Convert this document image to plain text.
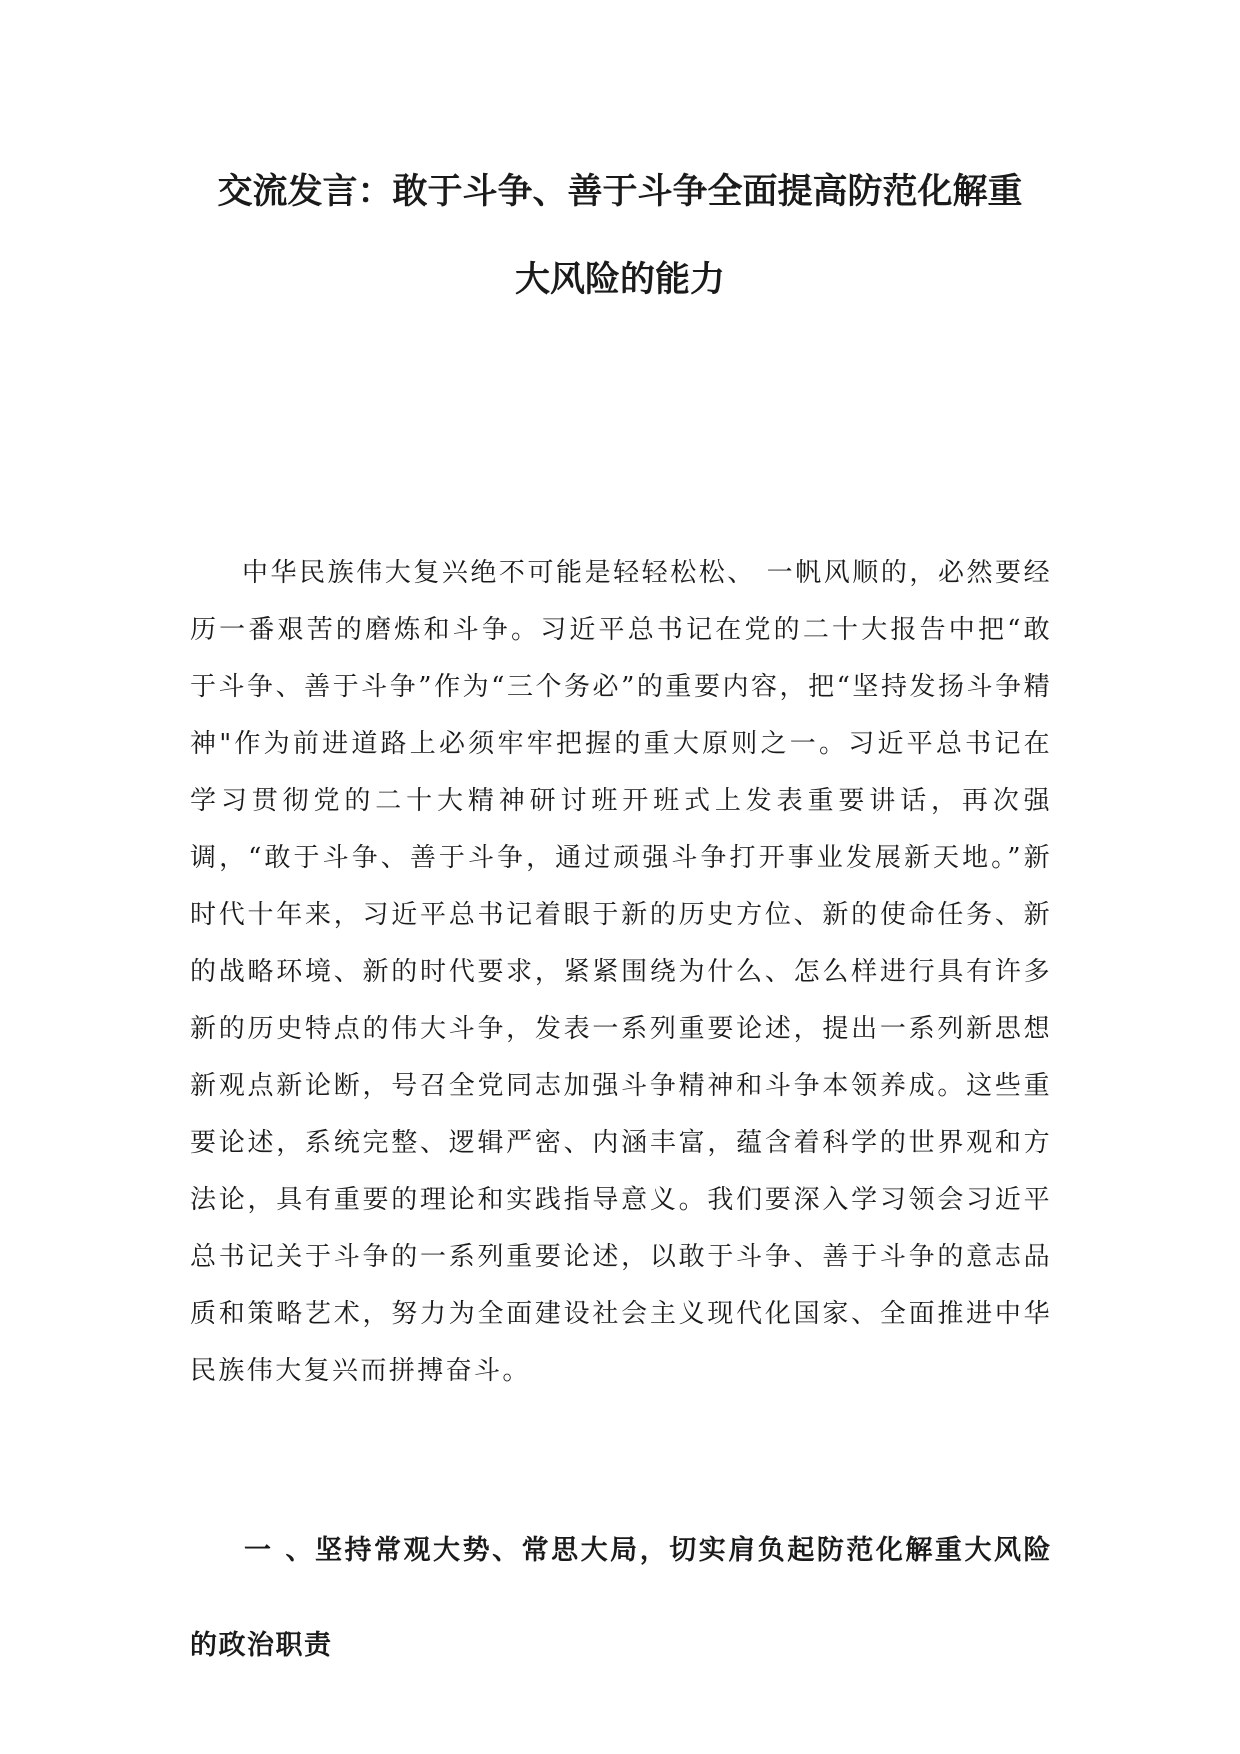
交流发言：敢于斗争、善于斗争全面提高防范化解重
大风险的能力

中华民族伟大复兴绝不可能是轻轻松松、 一帆风顺的，必然要经历一番艰苦的磨炼和斗争。习近平总书记在党的二十大报告中把“敢于斗争、善于斗争”作为“三个务必”的重要内容，把“坚持发扬斗争精神"作为前进道路上必须牢牢把握的重大原则之一。习近平总书记在学习贯彻党的二十大精神研讨班开班式上发表重要讲话，再次强调，“敢于斗争、善于斗争，通过顽强斗争打开事业发展新天地。”新时代十年来，习近平总书记着眼于新的历史方位、新的使命任务、新的战略环境、新的时代要求，紧紧围绕为什么、怎么样进行具有许多新的历史特点的伟大斗争，发表一系列重要论述，提出一系列新思想新观点新论断，号召全党同志加强斗争精神和斗争本领养成。这些重要论述，系统完整、逻辑严密、内涵丰富，蕴含着科学的世界观和方法论，具有重要的理论和实践指导意义。我们要深入学习领会习近平总书记关于斗争的一系列重要论述，以敢于斗争、善于斗争的意志品质和策略艺术，努力为全面建设社会主义现代化国家、全面推进中华民族伟大复兴而拼搏奋斗。

一 、坚持常观大势、常思大局，切实肩负起防范化解重大风险的政治职责
